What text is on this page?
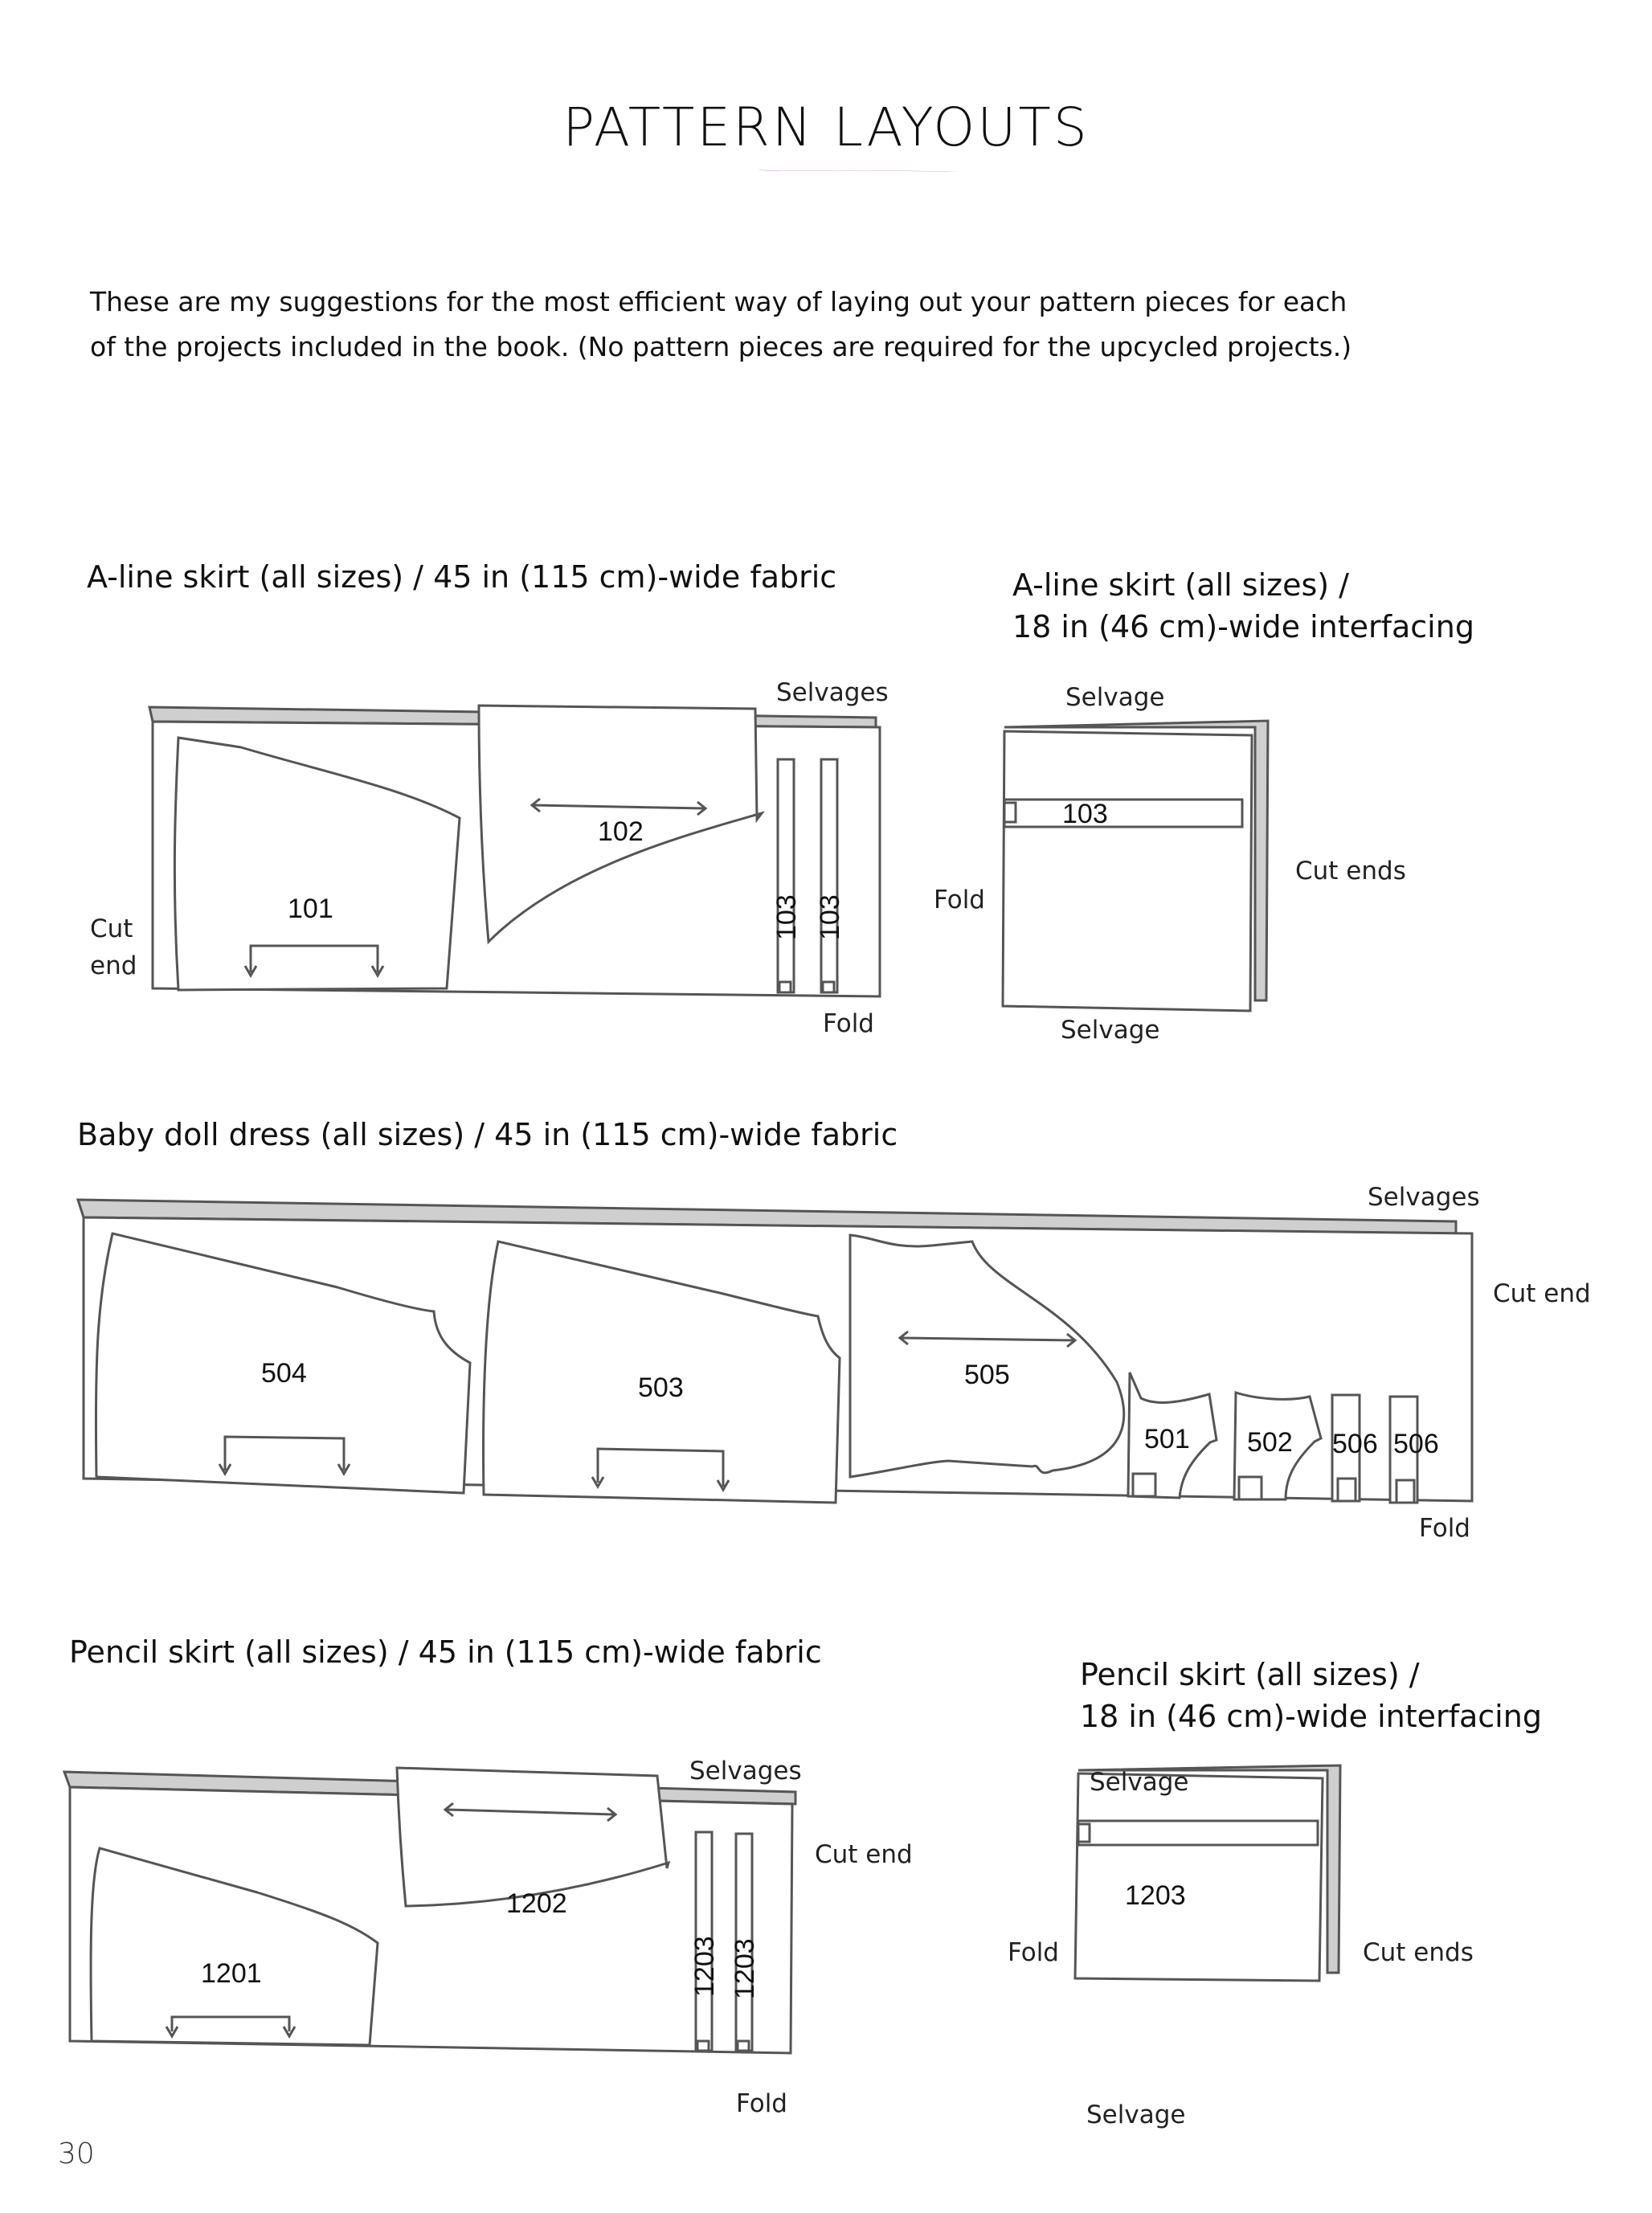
PATTERN LAYOUTS
These are my suggestions for the most efficient way of laying out your pattern pieces for each
of the projects included in the book. (No pattern pieces are required for the upcycled projects.)
101
102
103 103
103
504	503	505
501 502 506 506
1201
1202
1203 1203
1203
A-line skirt (all sizes) / 45 in (115 cm)-wide fabric
Selvages
Cut
end
Fold
A-line skirt (all sizes) /
18 in (46 cm)-wide interfacing
Selvage
Fold
Cut ends
Selvage
Baby doll dress (all sizes) / 45 in (115 cm)-wide fabric
Selvages
Cut end
Fold
Pencil skirt (all sizes) / 45 in (115 cm)-wide fabric
Selvages
Cut end
Fold
Pencil skirt (all sizes) /
18 in (46 cm)-wide interfacing
Selvage
Fold	Cut ends
Selvage
30
